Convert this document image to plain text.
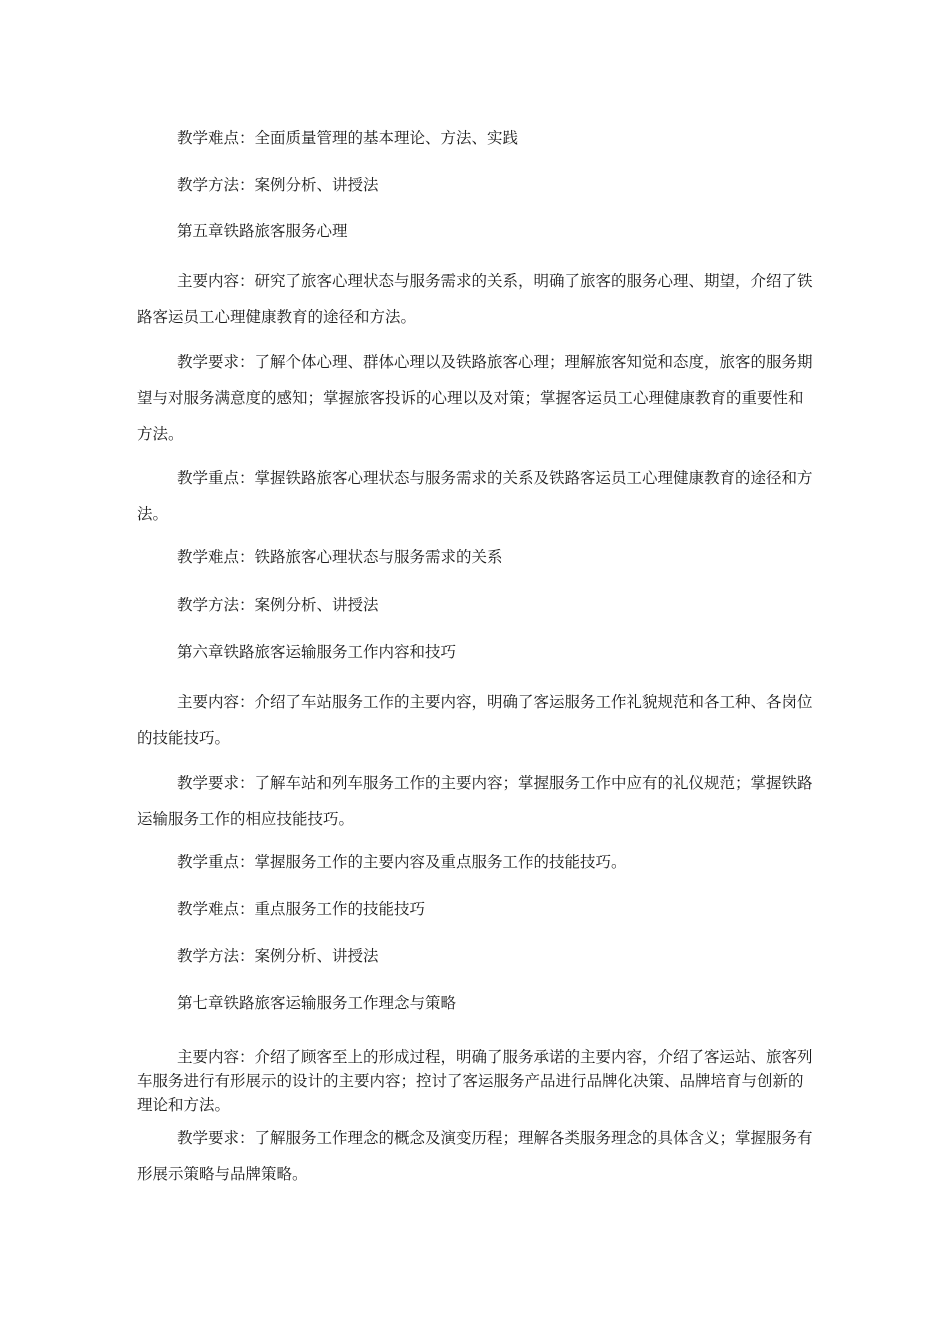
教学难点：全面质量管理的基本理论、方法、实践

教学方法：案例分析、讲授法

第五章铁路旅客服务心理

主要内容：研究了旅客心理状态与服务需求的关系，明确了旅客的服务心理、期望，介绍了铁路客运员工心理健康教育的途径和方法。

教学要求：了解个体心理、群体心理以及铁路旅客心理；理解旅客知觉和态度，旅客的服务期望与对服务满意度的感知；掌握旅客投诉的心理以及对策；掌握客运员工心理健康教育的重要性和方法。

教学重点：掌握铁路旅客心理状态与服务需求的关系及铁路客运员工心理健康教育的途径和方法。

教学难点：铁路旅客心理状态与服务需求的关系

教学方法：案例分析、讲授法

第六章铁路旅客运输服务工作内容和技巧

主要内容：介绍了车站服务工作的主要内容，明确了客运服务工作礼貌规范和各工种、各岗位的技能技巧。

教学要求：了解车站和列车服务工作的主要内容；掌握服务工作中应有的礼仪规范；掌握铁路运输服务工作的相应技能技巧。

教学重点：掌握服务工作的主要内容及重点服务工作的技能技巧。

教学难点：重点服务工作的技能技巧

教学方法：案例分析、讲授法

第七章铁路旅客运输服务工作理念与策略

主要内容：介绍了顾客至上的形成过程，明确了服务承诺的主要内容，介绍了客运站、旅客列车服务进行有形展示的设计的主要内容；控讨了客运服务产品进行品牌化决策、品牌培育与创新的理论和方法。

教学要求：了解服务工作理念的概念及演变历程；理解各类服务理念的具体含义；掌握服务有形展示策略与品牌策略。
